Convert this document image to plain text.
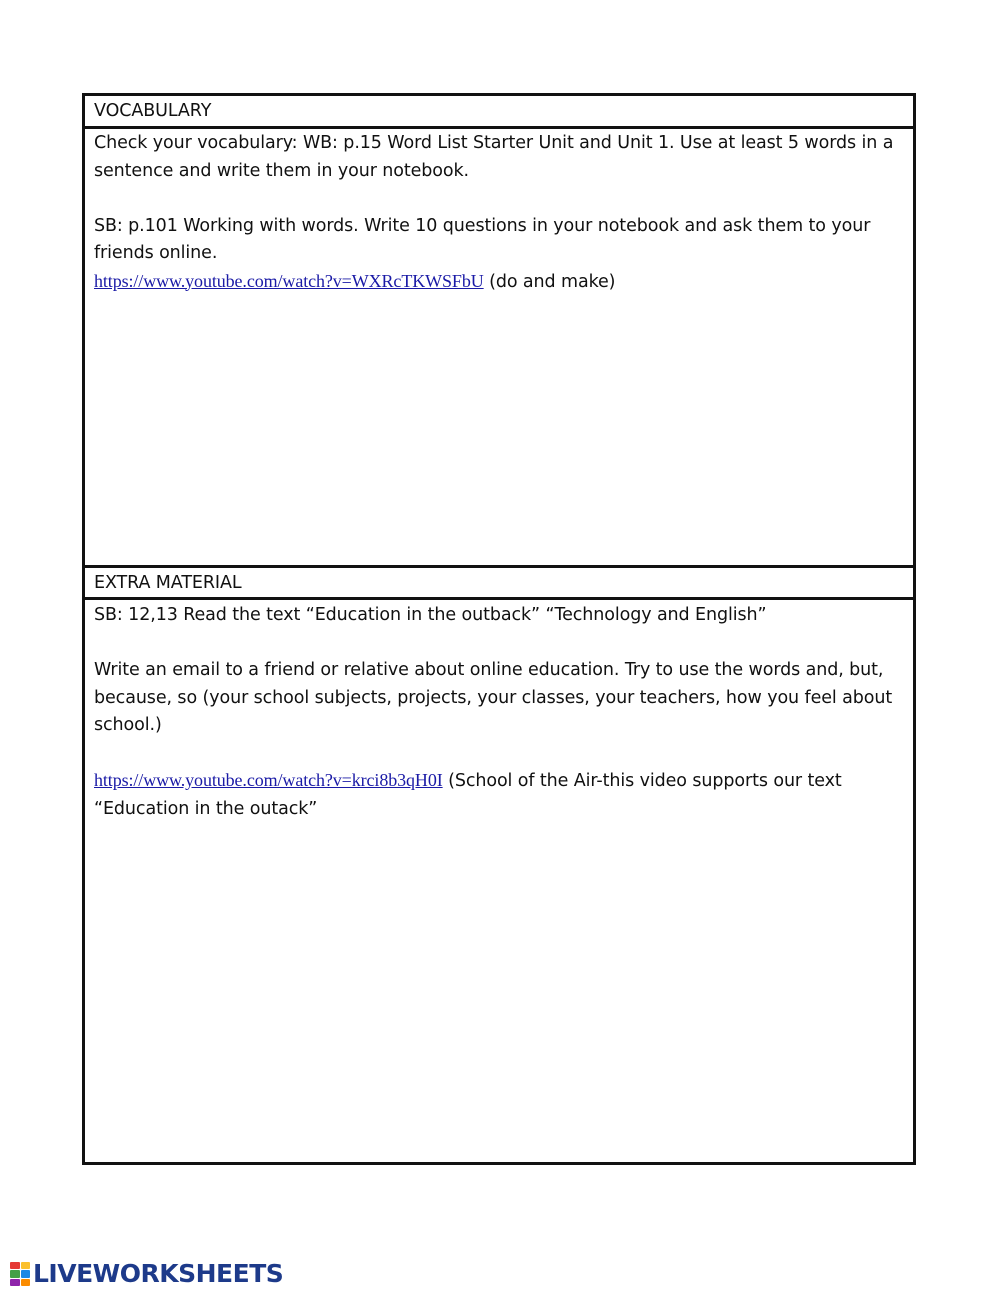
VOCABULARY

Check your vocabulary: WB: p.15 Word List Starter Unit and Unit 1. Use at least 5 words in a sentence and write them in your notebook.

SB: p.101 Working with words. Write 10 questions in your notebook and ask them to your friends online.

https://www.youtube.com/watch?v=WXRcTKWSFbU (do and make)

EXTRA MATERIAL

SB: 12,13 Read the text “Education in the outback” “Technology and English”

Write an email to a friend or relative about online education. Try to use the words and, but, because, so (your school subjects, projects, your classes, your teachers, how you feel about school.)

https://www.youtube.com/watch?v=krci8b3qH0I (School of the Air-this video supports our text “Education in the outack”

LIVEWORKSHEETS
